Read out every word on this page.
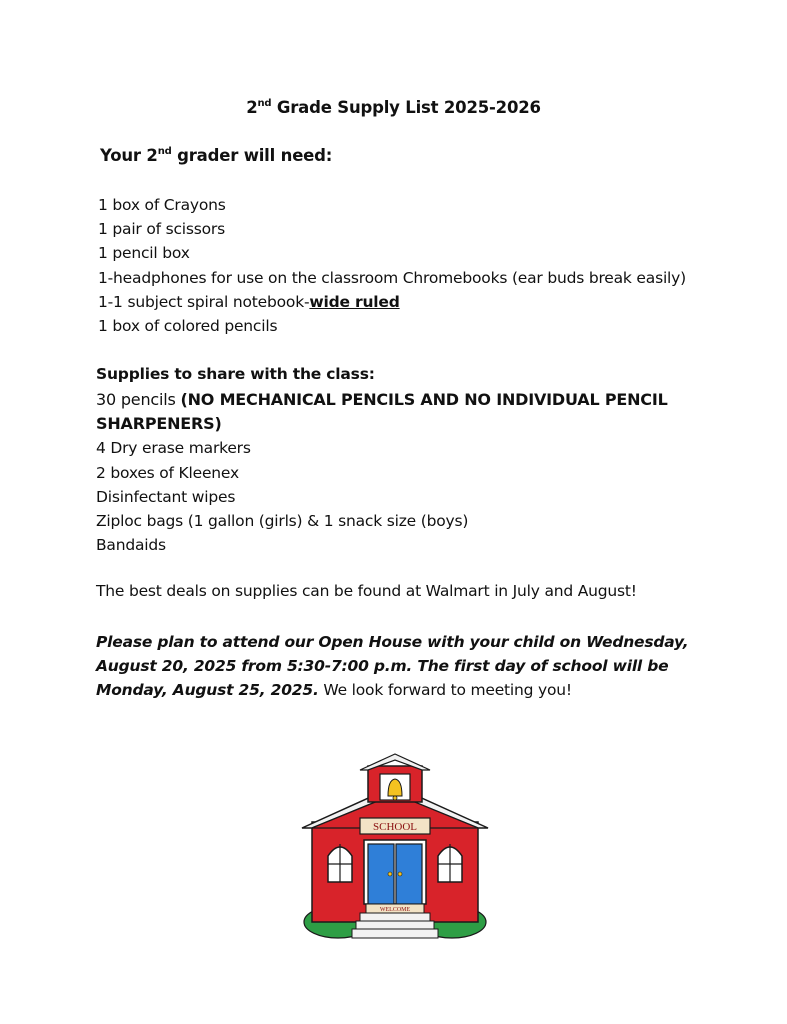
2nd Grade Supply List 2025-2026

Your 2nd grader will need:

1 box of Crayons
1 pair of scissors
1 pencil box
1-headphones for use on the classroom Chromebooks (ear buds break easily)
1-1 subject spiral notebook-wide ruled
1 box of colored pencils

Supplies to share with the class:

30 pencils (NO MECHANICAL PENCILS AND NO INDIVIDUAL PENCIL SHARPENERS)
4 Dry erase markers
2 boxes of Kleenex
Disinfectant wipes
Ziploc bags (1 gallon (girls) & 1 snack size (boys)
Bandaids

The best deals on supplies can be found at Walmart in July and August!

Please plan to attend our Open House with your child on Wednesday, August 20, 2025 from 5:30-7:00 p.m. The first day of school will be Monday, August 25, 2025. We look forward to meeting you!

SCHOOL
WELCOME
